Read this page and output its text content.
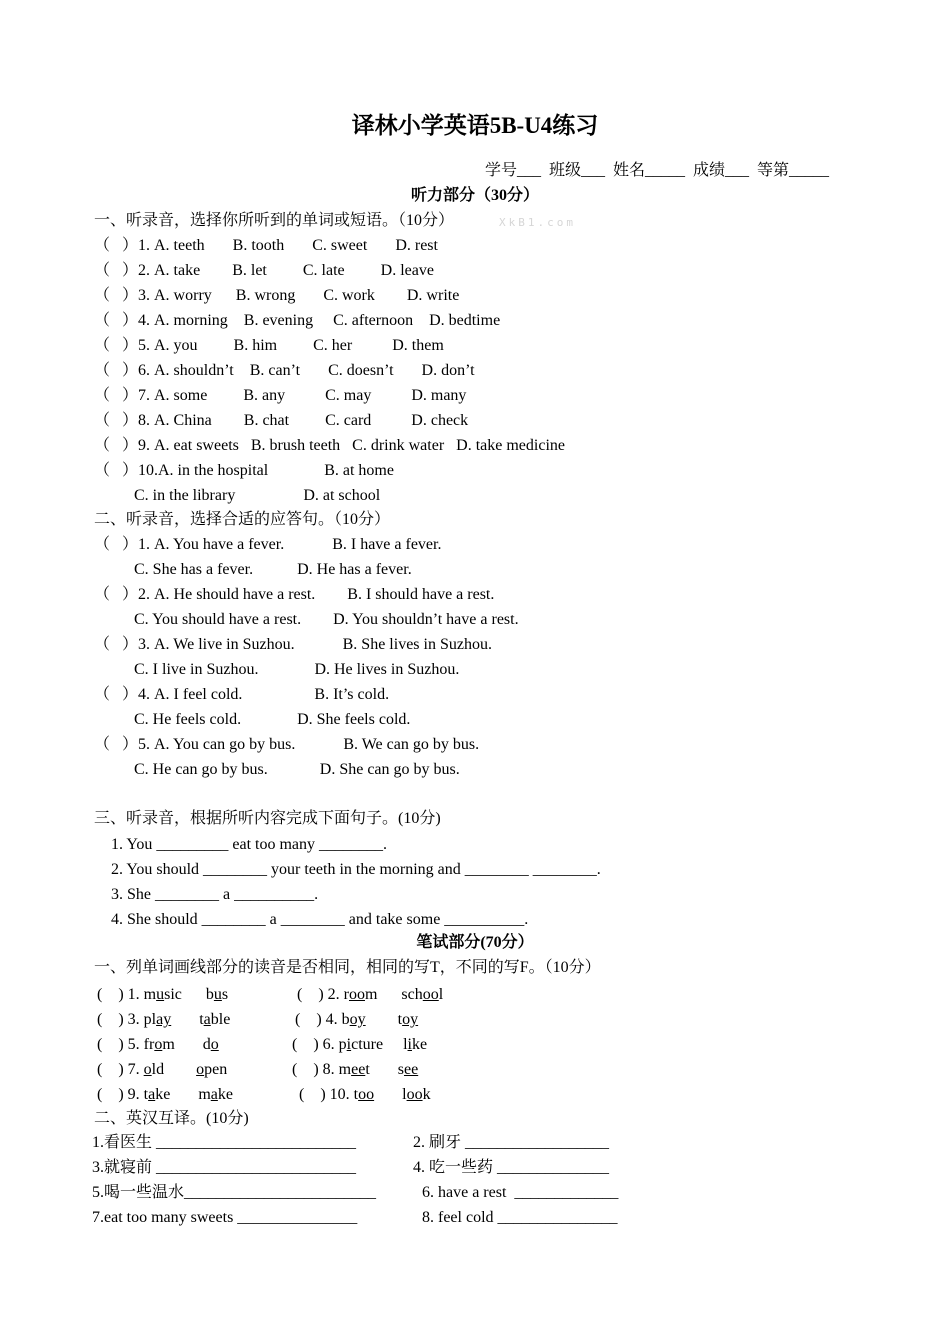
译林小学英语5B-U4练习
学号___  班级___  姓名_____  成绩___  等第_____
听力部分（30分）
一、听录音，选择你所听到的单词或短语。（10分）	XkB1.com
（   ）1. A. teeth       B. tooth       C. sweet       D. rest
（   ）2. A. take        B. let         C. late         D. leave
（   ）3. A. worry      B. wrong       C. work        D. write
（   ）4. A. morning    B. evening     C. afternoon    D. bedtime
（   ）5. A. you         B. him         C. her          D. them
（   ）6. A. shouldn’t    B. can’t       C. doesn’t       D. don’t
（   ）7. A. some         B. any          C. may          D. many
（   ）8. A. China        B. chat         C. card          D. check
（   ）9. A. eat sweets   B. brush teeth   C. drink water   D. take medicine
（   ）10.A. in the hospital              B. at home
C. in the library                 D. at school
二、听录音，选择合适的应答句。（10分）
（   ）1. A. You have a fever.            B. I have a fever.
C. She has a fever.           D. He has a fever.
（   ）2. A. He should have a rest.        B. I should have a rest.
C. You should have a rest.        D. You shouldn’t have a rest.
（   ）3. A. We live in Suzhou.            B. She lives in Suzhou.
C. I live in Suzhou.              D. He lives in Suzhou.
（   ）4. A. I feel cold.                  B. It’s cold.
C. He feels cold.              D. She feels cold.
（   ）5. A. You can go by bus.            B. We can go by bus.
C. He can go by bus.             D. She can go by bus.
三、听录音，根据所听内容完成下面句子。(10分)
1. You _________ eat too many ________.
2. You should ________ your teeth in the morning and ________ ________.
3. She ________ a __________.
4. She should ________ a ________ and take some __________.
笔试部分(70分）
一、列单词画线部分的读音是否相同，相同的写T，不同的写F。（10分）
(    ) 1. music      bus	(    ) 2. room      school
(    ) 3. play       table	(    ) 4. boy        toy
(    ) 5. from       do	(    ) 6. picture     like
(    ) 7. old        open	(    ) 8. meet       see
(    ) 9. take       make	(    ) 10. too       look
二、英汉互译。(10分)
1.看医生 _________________________	2. 刷牙 __________________
3.就寝前 _________________________	4. 吃一些药 ______________
5.喝一些温水________________________	6. have a rest  _____________
7.eat too many sweets _______________	8. feel cold _______________
